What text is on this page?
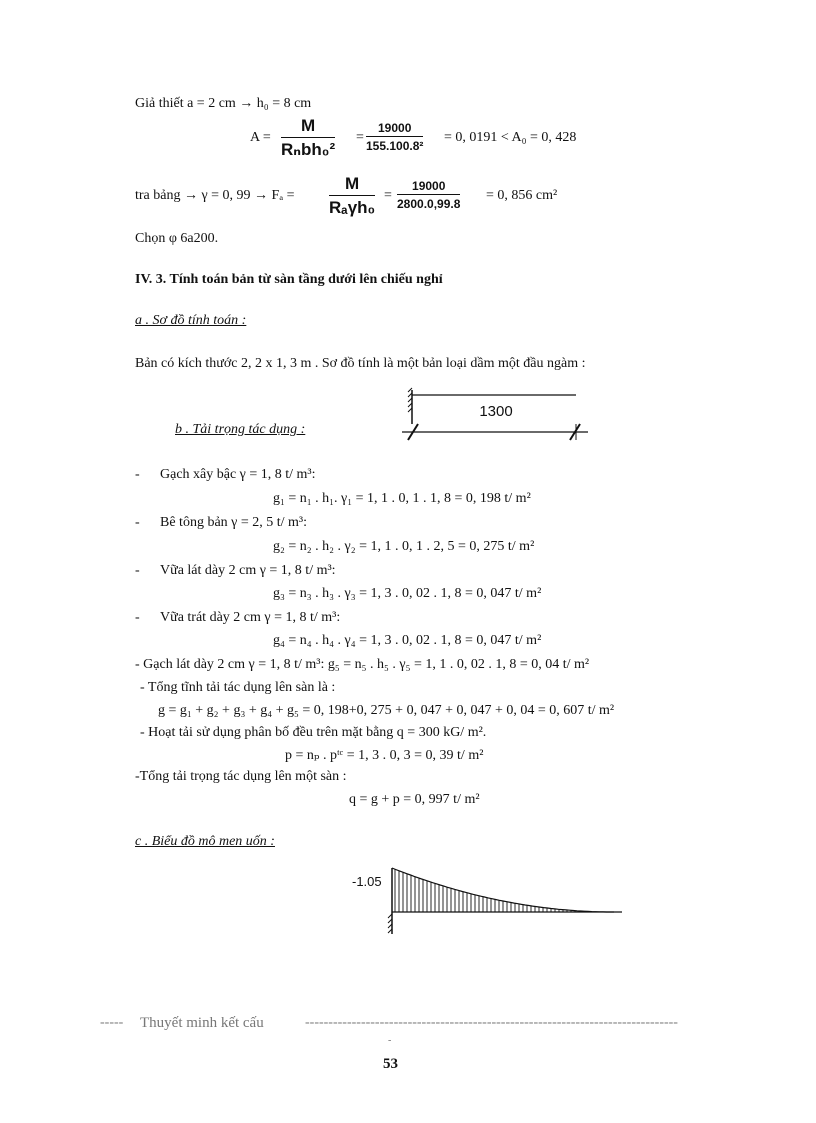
Giả thiết a = 2 cm → h₀ = 8 cm
A =
M
Rₙbh₀²
= $\frac{19000}{\text{155.100.8²}} = 0$, 0191 < A₀ = 0, 428
tra bảng → γ = 0, 99 → Fₐ =
M
Rₐγh₀
= $\frac{19000}{2800.0,99.8} = 0$, 856 cm²
Chọn φ 6a200.
IV. 3. Tính toán bản từ sàn tầng dưới lên chiếu nghỉ
a . Sơ đồ tính toán :
Bản có kích thước 2, 2 x 1, 3 m . Sơ đồ tính là một bản loại dầm một đầu ngàm :
1300
b . Tải trọng tác dụng :
- Gạch xây bậc γ = 1, 8 t/ m³:
g₁ = n₁ . h₁. γ₁ = 1, 1 . 0, 1 . 1, 8 = 0, 198 t/ m²
- Bê tông bản γ = 2, 5 t/ m³:
g₂ = n₂ . h₂ . γ₂ = 1, 1 . 0, 1 . 2, 5 = 0, 275 t/ m²
- Vữa lát dày 2 cm γ = 1, 8 t/ m³:
g₃ = n₃ . h₃ . γ₃ = 1, 3 . 0, 02 . 1, 8 = 0, 047 t/ m²
- Vữa trát dày 2 cm γ = 1, 8 t/ m³:
g₄ = n₄ . h₄ . γ₄ = 1, 3 . 0, 02 . 1, 8 = 0, 047 t/ m²
- Gạch lát dày 2 cm γ = 1, 8 t/ m³: g₅ = n₅ . h₅ . γ₅ = 1, 1 . 0, 02 . 1, 8 = 0, 04 t/ m²
- Tổng tĩnh tải tác dụng lên sàn là :
g = g₁ + g₂ + g₃ + g₄ + g₅ = 0, 198+0, 275 + 0, 047 + 0, 047 + 0, 04 = 0, 607 t/ m²
- Hoạt tải sử dụng phân bố đều trên mặt bằng q = 300 kG/ m².
p = nₚ . pᵗᶜ = 1, 3 . 0, 3 = 0, 39 t/ m²
-Tổng tải trọng tác dụng lên một sàn :
q = g + p = 0, 997 t/ m²
c . Biểu đồ mô men uốn :
-1.05
----- Thuyết minh kết cấu	--------------------------------------------------------------------------------
-
53
